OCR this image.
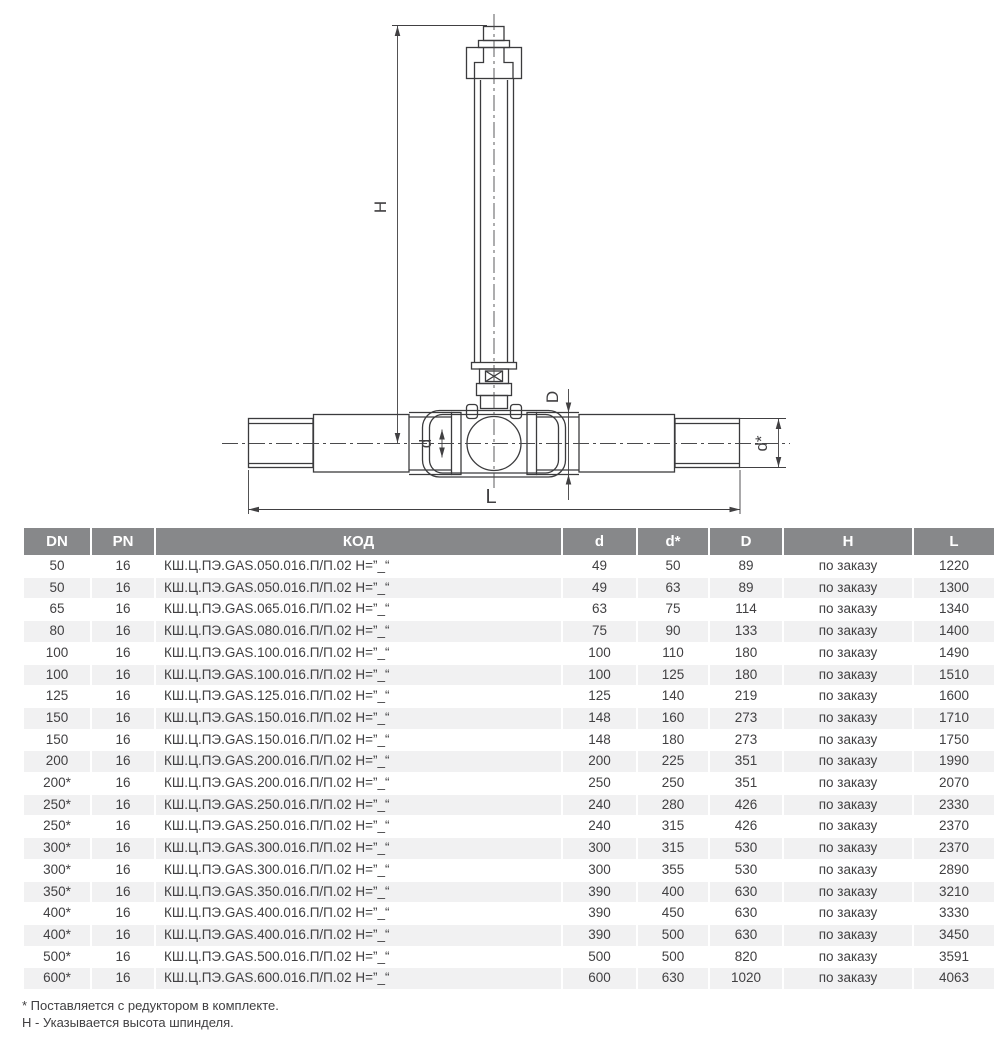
H
D
d	d*
L
DN	PN	КОД	d	d*	D	H	L
50	16	КШ.Ц.ПЭ.GAS.050.016.П/П.02 Н=”_“	49	50	89	по заказу	1220
50	16	КШ.Ц.ПЭ.GAS.050.016.П/П.02 Н=”_“	49	63	89	по заказу	1300
65	16	КШ.Ц.ПЭ.GAS.065.016.П/П.02 Н=”_“	63	75	114	по заказу	1340
80	16	КШ.Ц.ПЭ.GAS.080.016.П/П.02 Н=”_“	75	90	133	по заказу	1400
100	16	КШ.Ц.ПЭ.GAS.100.016.П/П.02 Н=”_“	100	110	180	по заказу	1490
100	16	КШ.Ц.ПЭ.GAS.100.016.П/П.02 Н=”_“	100	125	180	по заказу	1510
125	16	КШ.Ц.ПЭ.GAS.125.016.П/П.02 Н=”_“	125	140	219	по заказу	1600
150	16	КШ.Ц.ПЭ.GAS.150.016.П/П.02 Н=”_“	148	160	273	по заказу	1710
150	16	КШ.Ц.ПЭ.GAS.150.016.П/П.02 Н=”_“	148	180	273	по заказу	1750
200	16	КШ.Ц.ПЭ.GAS.200.016.П/П.02 Н=”_“	200	225	351	по заказу	1990
200*	16	КШ.Ц.ПЭ.GAS.200.016.П/П.02 Н=”_“	250	250	351	по заказу	2070
250*	16	КШ.Ц.ПЭ.GAS.250.016.П/П.02 Н=”_“	240	280	426	по заказу	2330
250*	16	КШ.Ц.ПЭ.GAS.250.016.П/П.02 Н=”_“	240	315	426	по заказу	2370
300*	16	КШ.Ц.ПЭ.GAS.300.016.П/П.02 Н=”_“	300	315	530	по заказу	2370
300*	16	КШ.Ц.ПЭ.GAS.300.016.П/П.02 Н=”_“	300	355	530	по заказу	2890
350*	16	КШ.Ц.ПЭ.GAS.350.016.П/П.02 Н=”_“	390	400	630	по заказу	3210
400*	16	КШ.Ц.ПЭ.GAS.400.016.П/П.02 Н=”_“	390	450	630	по заказу	3330
400*	16	КШ.Ц.ПЭ.GAS.400.016.П/П.02 Н=”_“	390	500	630	по заказу	3450
500*	16	КШ.Ц.ПЭ.GAS.500.016.П/П.02 Н=”_“	500	500	820	по заказу	3591
600*	16	КШ.Ц.ПЭ.GAS.600.016.П/П.02 Н=”_“	600	630	1020	по заказу	4063

* Поставляется с редуктором в комплекте.

H - Указывается высота шпинделя.
